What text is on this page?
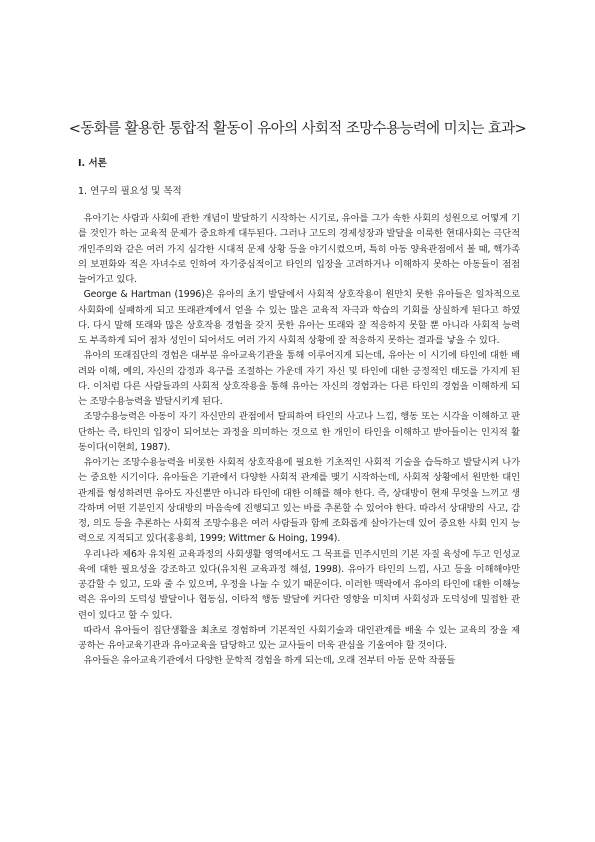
<동화를 활용한 통합적 활동이 유아의 사회적 조망수용능력에 미치는 효과>
Ⅰ. 서론
1. 연구의 필요성 및 목적

유아기는 사람과 사회에 관한 개념이 발달하기 시작하는 시기로, 유아를 그가 속한 사회의 성원으로 어떻게 기를 것인가 하는 교육적 문제가 중요하게 대두된다. 그러나 고도의 경제성장과 발달을 이룩한 현대사회는 극단적 개인주의와 같은 여러 가지 심각한 시대적 문제 상황 등을 야기시켰으며, 특히 아동 양육관점에서 볼 때, 핵가족의 보편화와 적은 자녀수로 인하여 자기중심적이고 타인의 입장을 고려하거나 이해하지 못하는 아동들이 점점 늘어가고 있다.

George & Hartman (1996)은 유아의 초기 발달에서 사회적 상호작용이 원만치 못한 유아들은 일차적으로 사회화에 실패하게 되고 또래관계에서 얻을 수 있는 많은 교육적 자극과 학습의 기회를 상실하게 된다고 하였다. 다시 말해 또래와 많은 상호작용 경험을 갖지 못한 유아는 또래와 잘 적응하지 못할 뿐 아니라 사회적 능력도 부족하게 되어 점차 성인이 되어서도 여러 가지 사회적 상황에 잘 적응하지 못하는 결과를 낳을 수 있다.

유아의 또래집단의 경험은 대부분 유아교육기관을 통해 이루어지게 되는데, 유아는 이 시기에 타인에 대한 배려와 이해, 예의, 자신의 감정과 욕구를 조절하는 가운데 자기 자신 및 타인에 대한 긍정적인 태도를 가지게 된다. 이처럼 다른 사람들과의 사회적 상호작용을 통해 유아는 자신의 경험과는 다른 타인의 경험을 이해하게 되는 조망수용능력을 발달시키게 된다.

조망수용능력은 아동이 자기 자신만의 관점에서 탈피하여 타인의 사고나 느낌, 행동 또는 시각을 이해하고 판단하는 즉, 타인의 입장이 되어보는 과정을 의미하는 것으로 한 개인이 타인을 이해하고 받아들이는 인지적 활동이다(이현희, 1987).

유아기는 조망수용능력을 비롯한 사회적 상호작용에 필요한 기초적인 사회적 기술을 습득하고 발달시켜 나가는 중요한 시기이다. 유아들은 기관에서 다양한 사회적 관계를 맺기 시작하는데, 사회적 상황에서 원만한 대인관계를 형성하려면 유아도 자신뿐만 아니라 타인에 대한 이해를 해야 한다. 즉, 상대방이 현재 무엇을 느끼고 생각하며 어떤 기분인지 상대방의 마음속에 진행되고 있는 바를 추론할 수 있어야 한다. 따라서 상대방의 사고, 감정, 의도 등을 추론하는 사회적 조망수용은 여러 사람들과 함께 조화롭게 살아가는데 있어 중요한 사회 인지 능력으로 지적되고 있다(홍용희, 1999; Wittmer & Hoing, 1994).

우리나라 제6차 유치원 교육과정의 사회생활 영역에서도 그 목표를 민주시민의 기본 자질 육성에 두고 인성교육에 대한 필요성을 강조하고 있다(유치원 교육과정 해설, 1998). 유아가 타인의 느낌, 사고 등을 이해해야만 공감할 수 있고, 도와 줄 수 있으며, 우정을 나눌 수 있기 때문이다. 이러한 맥락에서 유아의 타인에 대한 이해능력은 유아의 도덕성 발달이나 협동심, 이타적 행동 발달에 커다란 영향을 미치며 사회성과 도덕성에 밀접한 관련이 있다고 할 수 있다.

따라서 유아들이 집단생활을 최초로 경험하며 기본적인 사회기술과 대인관계를 배울 수 있는 교육의 장을 제공하는 유아교육기관과 유아교육을 담당하고 있는 교사들이 더욱 관심을 기울여야 할 것이다.

유아들은 유아교육기관에서 다양한 문학적 경험을 하게 되는데, 오래 전부터 아동 문학 작품들
